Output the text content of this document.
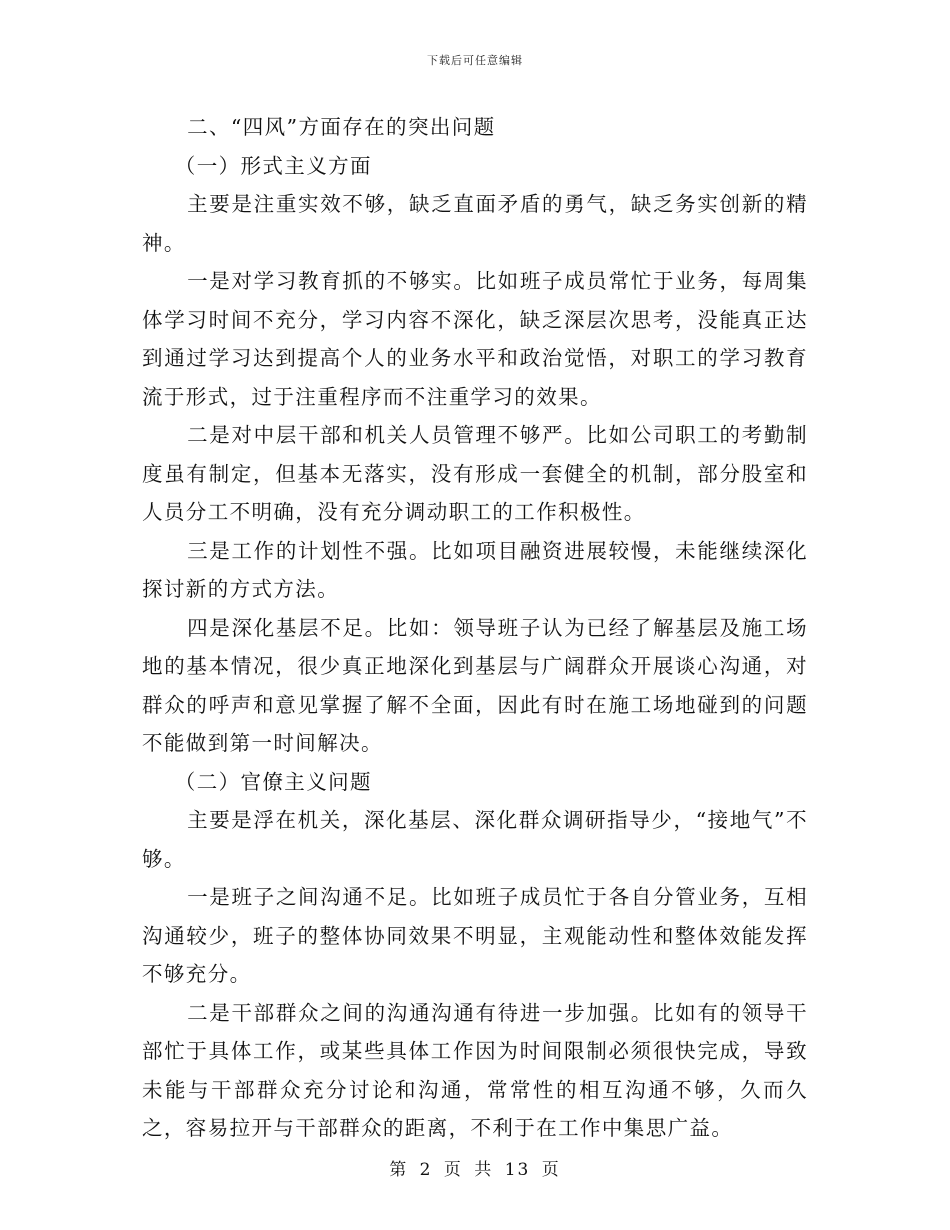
下载后可任意编辑

二、“四风”方面存在的突出问题

（一）形式主义方面

主要是注重实效不够，缺乏直面矛盾的勇气，缺乏务实创新的精神。

一是对学习教育抓的不够实。比如班子成员常忙于业务，每周集体学习时间不充分，学习内容不深化，缺乏深层次思考，没能真正达到通过学习达到提高个人的业务水平和政治觉悟，对职工的学习教育流于形式，过于注重程序而不注重学习的效果。

二是对中层干部和机关人员管理不够严。比如公司职工的考勤制度虽有制定，但基本无落实，没有形成一套健全的机制，部分股室和人员分工不明确，没有充分调动职工的工作积极性。

三是工作的计划性不强。比如项目融资进展较慢，未能继续深化探讨新的方式方法。

四是深化基层不足。比如：领导班子认为已经了解基层及施工场地的基本情况，很少真正地深化到基层与广阔群众开展谈心沟通，对群众的呼声和意见掌握了解不全面，因此有时在施工场地碰到的问题不能做到第一时间解决。

（二）官僚主义问题

主要是浮在机关，深化基层、深化群众调研指导少，“接地气”不够。

一是班子之间沟通不足。比如班子成员忙于各自分管业务，互相沟通较少，班子的整体协同效果不明显，主观能动性和整体效能发挥不够充分。

二是干部群众之间的沟通沟通有待进一步加强。比如有的领导干部忙于具体工作，或某些具体工作因为时间限制必须很快完成，导致未能与干部群众充分讨论和沟通，常常性的相互沟通不够，久而久之，容易拉开与干部群众的距离，不利于在工作中集思广益。

第 2 页 共 13 页
